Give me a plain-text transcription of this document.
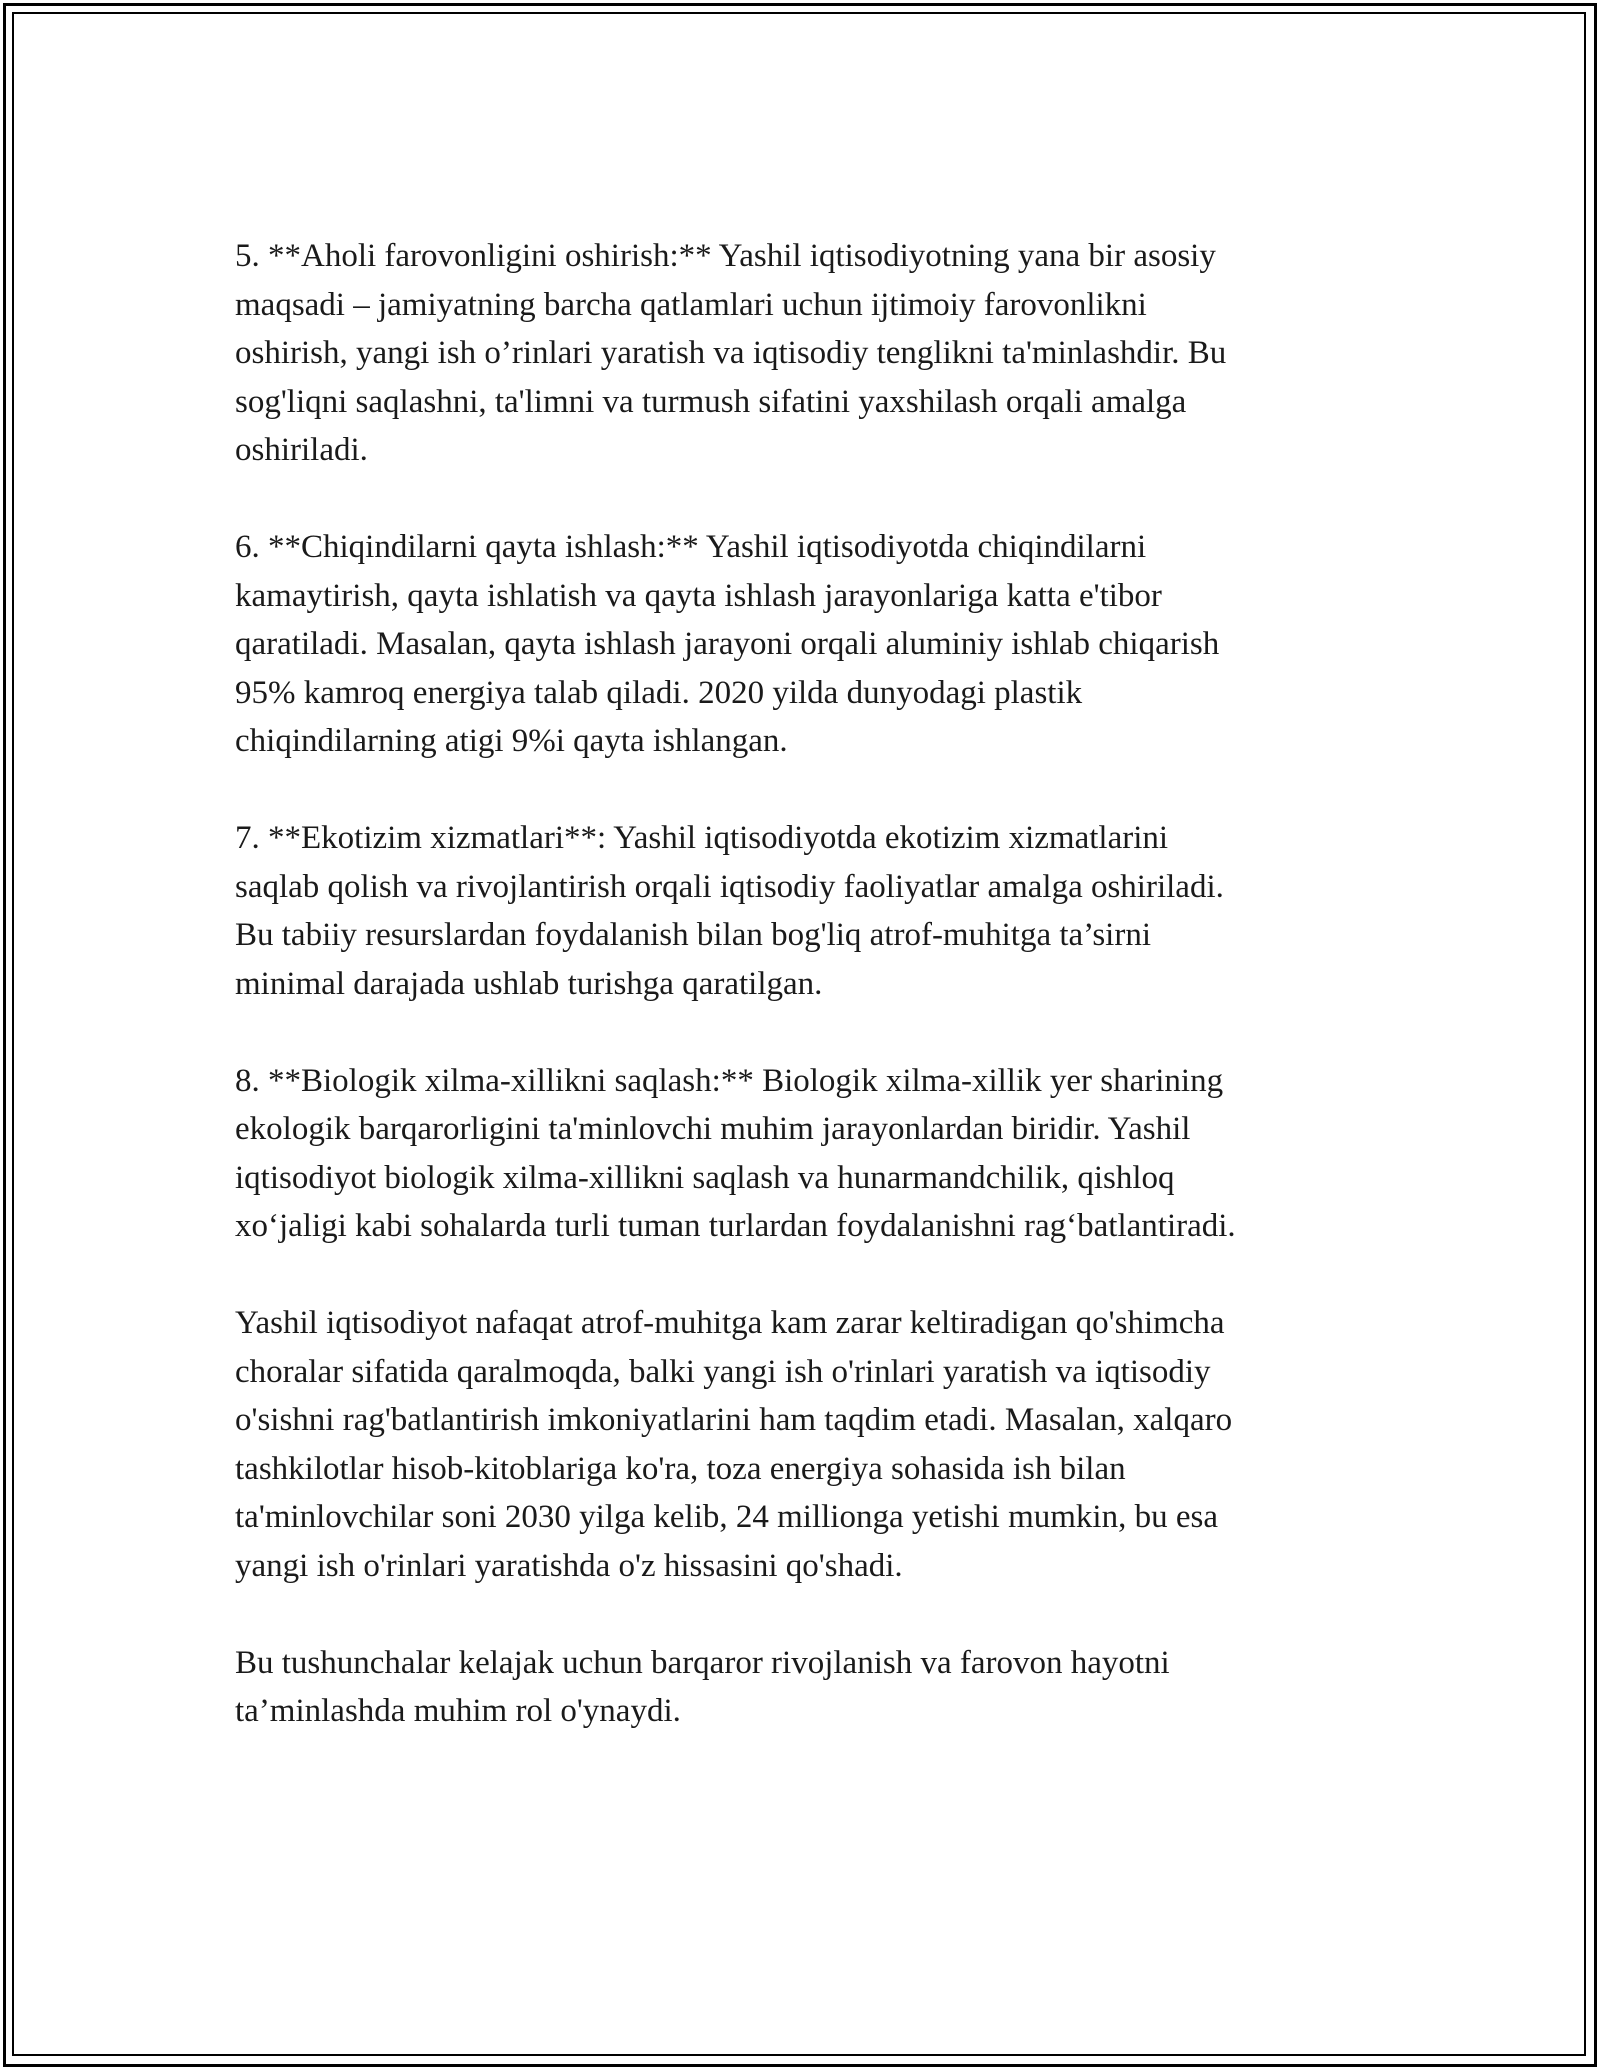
5. **Aholi farovonligini oshirish:** Yashil iqtisodiyotning yana bir asosiy
maqsadi – jamiyatning barcha qatlamlari uchun ijtimoiy farovonlikni
oshirish, yangi ish o’rinlari yaratish va iqtisodiy tenglikni ta'minlashdir. Bu
sog'liqni saqlashni, ta'limni va turmush sifatini yaxshilash orqali amalga
oshiriladi.

6. **Chiqindilarni qayta ishlash:** Yashil iqtisodiyotda chiqindilarni
kamaytirish, qayta ishlatish va qayta ishlash jarayonlariga katta e'tibor
qaratiladi. Masalan, qayta ishlash jarayoni orqali aluminiy ishlab chiqarish
95% kamroq energiya talab qiladi. 2020 yilda dunyodagi plastik
chiqindilarning atigi 9%i qayta ishlangan.

7. **Ekotizim xizmatlari**: Yashil iqtisodiyotda ekotizim xizmatlarini
saqlab qolish va rivojlantirish orqali iqtisodiy faoliyatlar amalga oshiriladi.
Bu tabiiy resurslardan foydalanish bilan bog'liq atrof-muhitga ta’sirni
minimal darajada ushlab turishga qaratilgan.

8. **Biologik xilma-xillikni saqlash:** Biologik xilma-xillik yer sharining
ekologik barqarorligini ta'minlovchi muhim jarayonlardan biridir. Yashil
iqtisodiyot biologik xilma-xillikni saqlash va hunarmandchilik, qishloq
xo‘jaligi kabi sohalarda turli tuman turlardan foydalanishni rag‘batlantiradi.

Yashil iqtisodiyot nafaqat atrof-muhitga kam zarar keltiradigan qo'shimcha
choralar sifatida qaralmoqda, balki yangi ish o'rinlari yaratish va iqtisodiy
o'sishni rag'batlantirish imkoniyatlarini ham taqdim etadi. Masalan, xalqaro
tashkilotlar hisob-kitoblariga ko'ra, toza energiya sohasida ish bilan
ta'minlovchilar soni 2030 yilga kelib, 24 millionga yetishi mumkin, bu esa
yangi ish o'rinlari yaratishda o'z hissasini qo'shadi.

Bu tushunchalar kelajak uchun barqaror rivojlanish va farovon hayotni
ta’minlashda muhim rol o'ynaydi.
